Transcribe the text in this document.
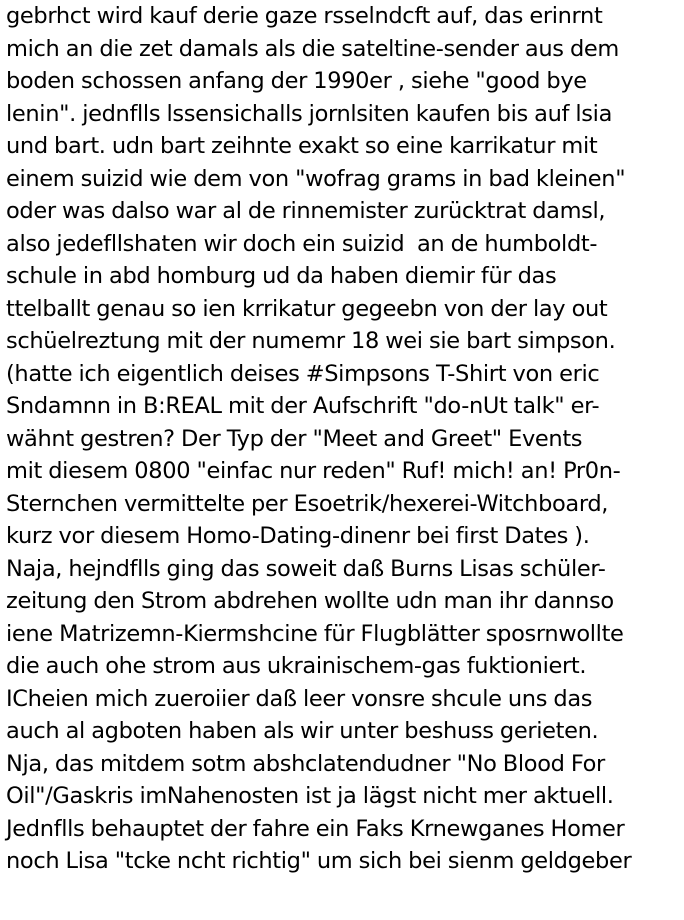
gebrhct wird kauf derie gaze rsselndcft auf, das erinrnt
mich an die zet damals als die sateltine-sender aus dem
boden schossen anfang der 1990er , siehe "good bye
lenin". jednflls lssensichalls jornlsiten kaufen bis auf lsia
und bart. udn bart zeihnte exakt so eine karrikatur mit
einem suizid wie dem von "wofrag grams in bad kleinen"
oder was dalso war al de rinnemister zurücktrat damsl,
also jedefllshaten wir doch ein suizid  an de humboldt-
schule in abd homburg ud da haben diemir für das
ttelballt genau so ien krrikatur gegeebn von der lay out
schüelreztung mit der numemr 18 wei sie bart simpson.
(hatte ich eigentlich deises #Simpsons T-Shirt von eric
Sndamnn in B:REAL mit der Aufschrift "do-nUt talk" er-
wähnt gestren? Der Typ der "Meet and Greet" Events
mit diesem 0800 "einfac nur reden" Ruf! mich! an! Pr0n-
Sternchen vermittelte per Esoetrik/hexerei-Witchboard,
kurz vor diesem Homo-Dating-dinenr bei first Dates ).
Naja, hejndflls ging das soweit daß Burns Lisas schüler-
zeitung den Strom abdrehen wollte udn man ihr dannso
iene Matrizemn-Kiermshcine für Flugblätter sposrnwollte
die auch ohe strom aus ukrainischem-gas fuktioniert.
ICheien mich zueroiier daß leer vonsre shcule uns das
auch al agboten haben als wir unter beshuss gerieten.
Nja, das mitdem sotm abshclatendudner "No Blood For
Oil"/Gaskris imNahenosten ist ja lägst nicht mer aktuell.
Jednflls behauptet der fahre ein Faks Krnewganes Homer
noch Lisa "tcke ncht richtig" um sich bei sienm geldgeber
